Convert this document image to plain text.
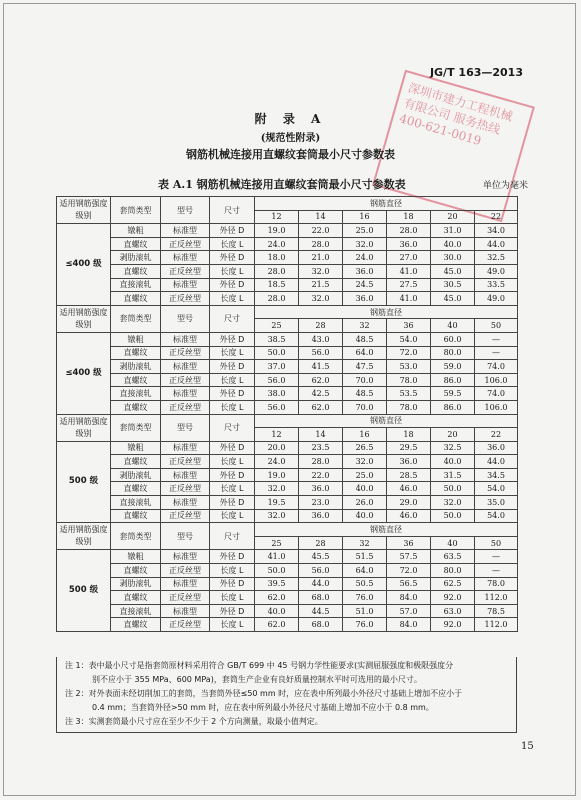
JG/T 163—2013
深圳市建力工程机械有限公司 服务热线 400-621-0019
附 录 A
(规范性附录)
钢筋机械连接用直螺纹套筒最小尺寸参数表
表 A.1 钢筋机械连接用直螺纹套筒最小尺寸参数表	单位为毫米
适用钢筋强度级别	套筒类型	型号	尺寸	钢筋直径					
				12	14	16	18	20	22
≤400 级	镦粗	标准型	外径 D	19.0	22.0	25.0	28.0	31.0	34.0
	直螺纹	正反丝型	长度 L	24.0	28.0	32.0	36.0	40.0	44.0
	剥肋滚轧	标准型	外径 D	18.0	21.0	24.0	27.0	30.0	32.5
	直螺纹	正反丝型	长度 L	28.0	32.0	36.0	41.0	45.0	49.0
	直接滚轧	标准型	外径 D	18.5	21.5	24.5	27.5	30.5	33.5
	直螺纹	正反丝型	长度 L	28.0	32.0	36.0	41.0	45.0	49.0
适用钢筋强度级别	套筒类型	型号	尺寸	钢筋直径					
				25	28	32	36	40	50
≤400 级	镦粗	标准型	外径 D	38.5	43.0	48.5	54.0	60.0	—
	直螺纹	正反丝型	长度 L	50.0	56.0	64.0	72.0	80.0	—
	剥肋滚轧	标准型	外径 D	37.0	41.5	47.5	53.0	59.0	74.0
	直螺纹	正反丝型	长度 L	56.0	62.0	70.0	78.0	86.0	106.0
	直接滚轧	标准型	外径 D	38.0	42.5	48.5	53.5	59.5	74.0
	直螺纹	正反丝型	长度 L	56.0	62.0	70.0	78.0	86.0	106.0
适用钢筋强度级别	套筒类型	型号	尺寸	钢筋直径					
				12	14	16	18	20	22
500 级	镦粗	标准型	外径 D	20.0	23.5	26.5	29.5	32.5	36.0
	直螺纹	正反丝型	长度 L	24.0	28.0	32.0	36.0	40.0	44.0
	剥肋滚轧	标准型	外径 D	19.0	22.0	25.0	28.5	31.5	34.5
	直螺纹	正反丝型	长度 L	32.0	36.0	40.0	46.0	50.0	54.0
	直接滚轧	标准型	外径 D	19.5	23.0	26.0	29.0	32.0	35.0
	直螺纹	正反丝型	长度 L	32.0	36.0	40.0	46.0	50.0	54.0
适用钢筋强度级别	套筒类型	型号	尺寸	钢筋直径					
				25	28	32	36	40	50
500 级	镦粗	标准型	外径 D	41.0	45.5	51.5	57.5	63.5	—
	直螺纹	正反丝型	长度 L	50.0	56.0	64.0	72.0	80.0	—
	剥肋滚轧	标准型	外径 D	39.5	44.0	50.5	56.5	62.5	78.0
	直螺纹	正反丝型	长度 L	62.0	68.0	76.0	84.0	92.0	112.0
	直接滚轧	标准型	外径 D	40.0	44.5	51.0	57.0	63.0	78.5
	直螺纹	正反丝型	长度 L	62.0	68.0	76.0	84.0	92.0	112.0

注 1：表中最小尺寸是指套筒原材料采用符合 GB/T 699 中 45 号钢力学性能要求(实测屈服强度和极限强度分

别不应小于 355 MPa、600 MPa)，套筒生产企业有良好质量控制水平时可选用的最小尺寸。

注 2：对外表面未经切削加工的套筒，当套筒外径≤50 mm 时，应在表中所列最小外径尺寸基础上增加不应小于

0.4 mm；当套筒外径>50 mm 时，应在表中所列最小外径尺寸基础上增加不应小于 0.8 mm。

注 3：实测套筒最小尺寸应在至少不少于 2 个方向测量，取最小值判定。

15
